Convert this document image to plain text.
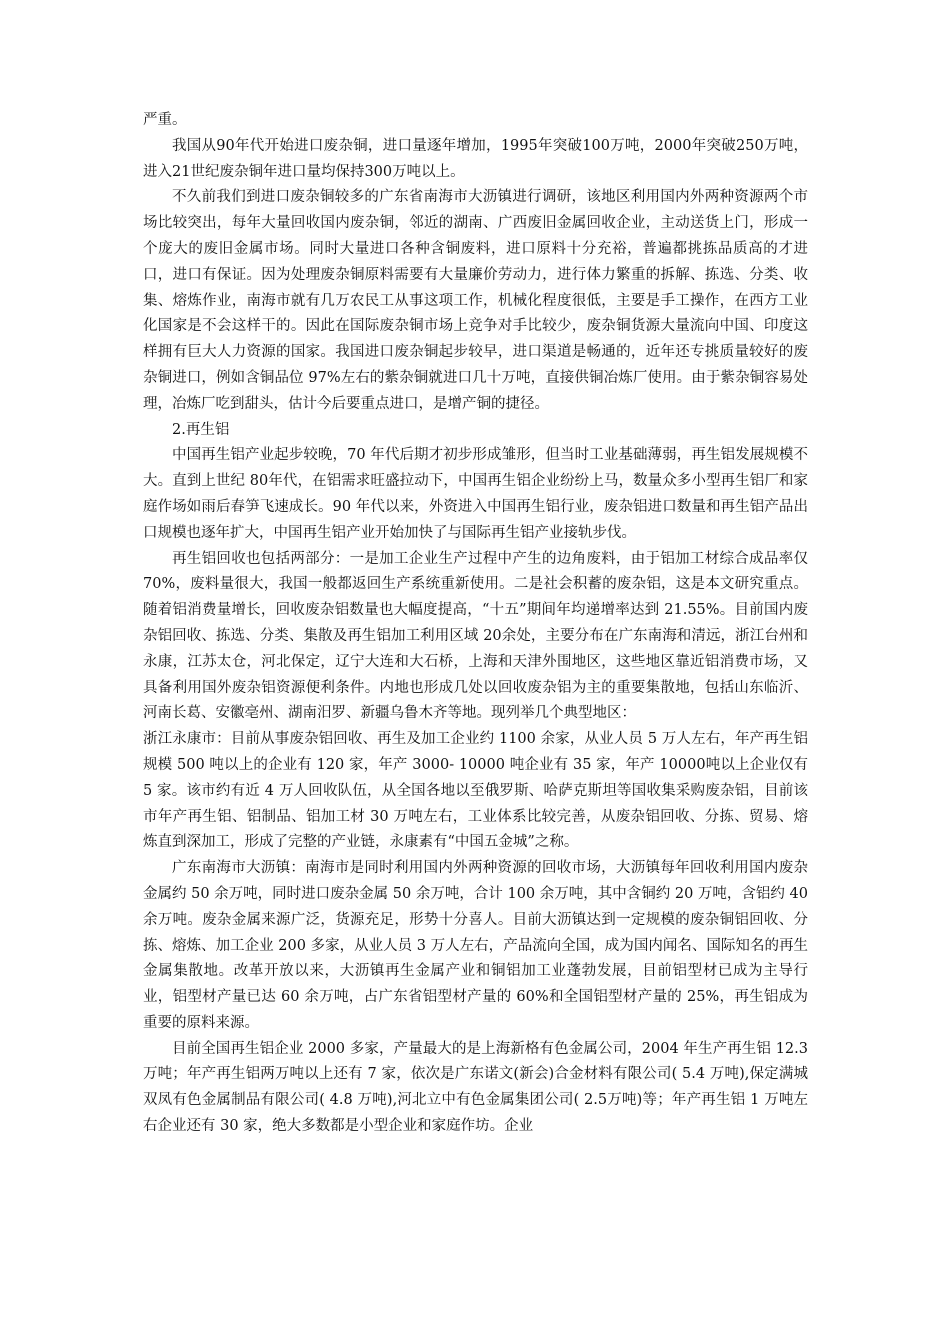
严重。

我国从90年代开始进口废杂铜，进口量逐年增加，1995年突破100万吨，2000年突破250万吨，进入21世纪废杂铜年进口量均保持300万吨以上。

不久前我们到进口废杂铜较多的广东省南海市大沥镇进行调研，该地区利用国内外两种资源两个市场比较突出，每年大量回收国内废杂铜，邻近的湖南、广西废旧金属回收企业，主动送货上门，形成一个庞大的废旧金属市场。同时大量进口各种含铜废料，进口原料十分充裕，普遍都挑拣品质高的才进口，进口有保证。因为处理废杂铜原料需要有大量廉价劳动力，进行体力繁重的拆解、拣选、分类、收集、熔炼作业，南海市就有几万农民工从事这项工作，机械化程度很低，主要是手工操作，在西方工业化国家是不会这样干的。因此在国际废杂铜市场上竞争对手比较少，废杂铜货源大量流向中国、印度这样拥有巨大人力资源的国家。我国进口废杂铜起步较早，进口渠道是畅通的，近年还专挑质量较好的废杂铜进口，例如含铜品位 97%左右的紫杂铜就进口几十万吨，直接供铜冶炼厂使用。由于紫杂铜容易处理，冶炼厂吃到甜头，估计今后要重点进口，是增产铜的捷径。

2.再生铝

中国再生铝产业起步较晚，70 年代后期才初步形成雏形，但当时工业基础薄弱，再生铝发展规模不大。直到上世纪 80年代，在铝需求旺盛拉动下，中国再生铝企业纷纷上马，数量众多小型再生铝厂和家庭作场如雨后春笋飞速成长。90 年代以来，外资进入中国再生铝行业，废杂铝进口数量和再生铝产品出口规模也逐年扩大，中国再生铝产业开始加快了与国际再生铝产业接轨步伐。

再生铝回收也包括两部分：一是加工企业生产过程中产生的边角废料，由于铝加工材综合成品率仅 70%，废料量很大，我国一般都返回生产系统重新使用。二是社会积蓄的废杂铝，这是本文研究重点。随着铝消费量增长，回收废杂铝数量也大幅度提高，“十五”期间年均递增率达到 21.55%。目前国内废杂铝回收、拣选、分类、集散及再生铝加工利用区域 20余处，主要分布在广东南海和清远，浙江台州和永康，江苏太仓，河北保定，辽宁大连和大石桥，上海和天津外围地区，这些地区靠近铝消费市场，又具备利用国外废杂铝资源便利条件。内地也形成几处以回收废杂铝为主的重要集散地，包括山东临沂、河南长葛、安徽亳州、湖南汨罗、新疆乌鲁木齐等地。现列举几个典型地区：

浙江永康市：目前从事废杂铝回收、再生及加工企业约 1100 余家，从业人员 5 万人左右，年产再生铝规模 500 吨以上的企业有 120 家，年产 3000- 10000 吨企业有 35 家，年产 10000吨以上企业仅有 5 家。该市约有近 4 万人回收队伍，从全国各地以至俄罗斯、哈萨克斯坦等国收集采购废杂铝，目前该市年产再生铝、铝制品、铝加工材 30 万吨左右，工业体系比较完善，从废杂铝回收、分拣、贸易、熔炼直到深加工，形成了完整的产业链，永康素有“中国五金城”之称。

广东南海市大沥镇：南海市是同时利用国内外两种资源的回收市场，大沥镇每年回收利用国内废杂金属约 50 余万吨，同时进口废杂金属 50 余万吨，合计 100 余万吨，其中含铜约 20 万吨，含铝约 40 余万吨。废杂金属来源广泛，货源充足，形势十分喜人。目前大沥镇达到一定规模的废杂铜铝回收、分拣、熔炼、加工企业 200 多家，从业人员 3 万人左右，产品流向全国，成为国内闻名、国际知名的再生金属集散地。改革开放以来，大沥镇再生金属产业和铜铝加工业蓬勃发展，目前铝型材已成为主导行业，铝型材产量已达 60 余万吨，占广东省铝型材产量的 60%和全国铝型材产量的 25%，再生铝成为重要的原料来源。

目前全国再生铝企业 2000 多家，产量最大的是上海新格有色金属公司，2004 年生产再生铝 12.3 万吨；年产再生铝两万吨以上还有 7 家，依次是广东诺文(新会)合金材料有限公司( 5.4 万吨),保定满城双凤有色金属制品有限公司( 4.8 万吨),河北立中有色金属集团公司( 2.5万吨)等；年产再生铝 1 万吨左右企业还有 30 家，绝大多数都是小型企业和家庭作坊。企业
